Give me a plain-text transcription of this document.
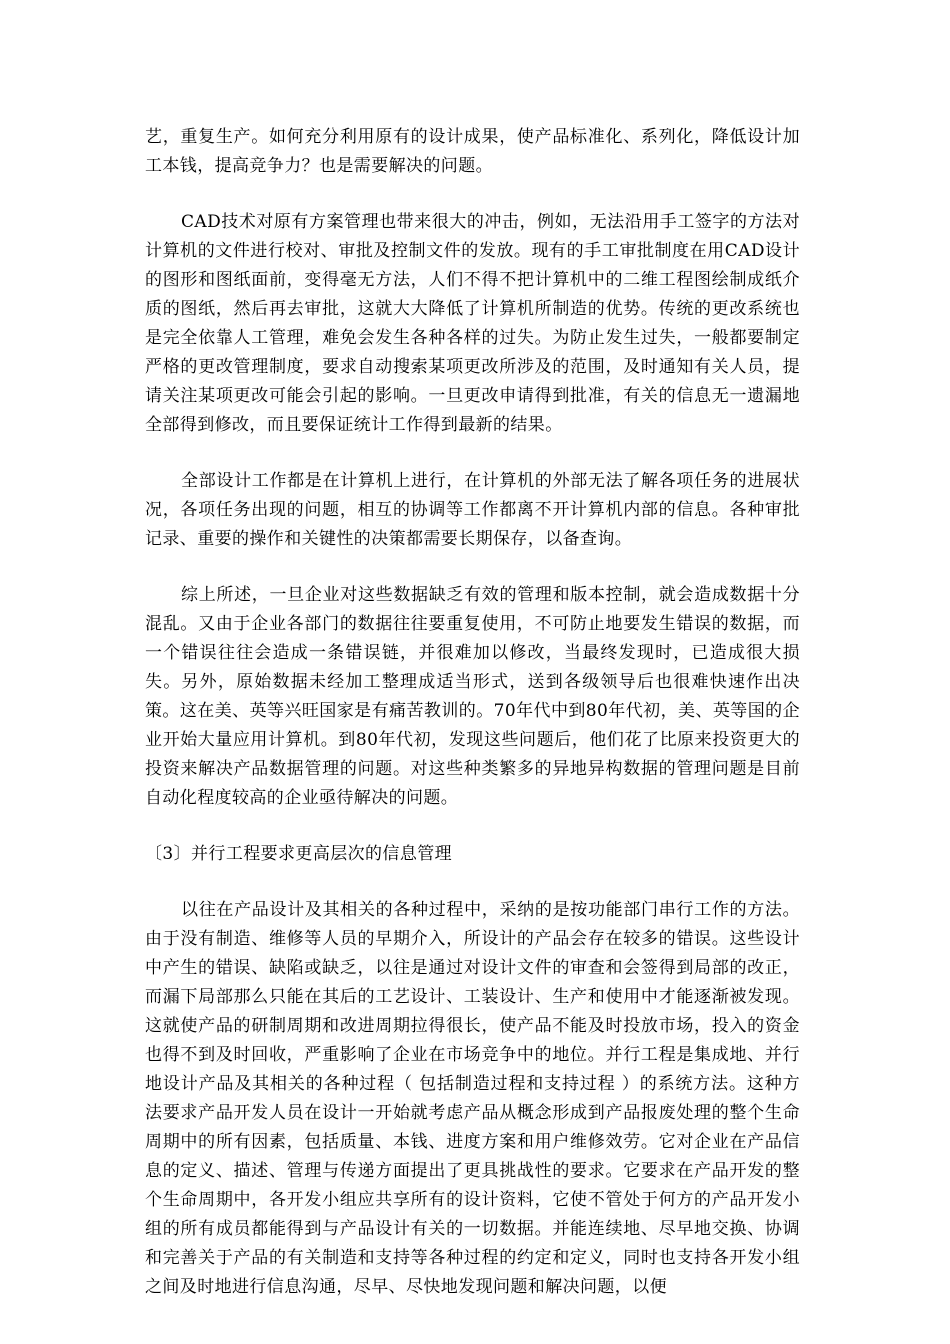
艺，重复生产。如何充分利用原有的设计成果，使产品标准化、系列化，降低设计加工本钱，提高竞争力？也是需要解决的问题。

CAD技术对原有方案管理也带来很大的冲击，例如，无法沿用手工签字的方法对计算机的文件进行校对、审批及控制文件的发放。现有的手工审批制度在用CAD设计的图形和图纸面前，变得毫无方法，人们不得不把计算机中的二维工程图绘制成纸介质的图纸，然后再去审批，这就大大降低了计算机所制造的优势。传统的更改系统也是完全依靠人工管理，难免会发生各种各样的过失。为防止发生过失，一般都要制定严格的更改管理制度，要求自动搜索某项更改所涉及的范围，及时通知有关人员，提请关注某项更改可能会引起的影响。一旦更改申请得到批准，有关的信息无一遗漏地全部得到修改，而且要保证统计工作得到最新的结果。

全部设计工作都是在计算机上进行，在计算机的外部无法了解各项任务的进展状况，各项任务出现的问题，相互的协调等工作都离不开计算机内部的信息。各种审批记录、重要的操作和关键性的决策都需要长期保存，以备查询。

综上所述，一旦企业对这些数据缺乏有效的管理和版本控制，就会造成数据十分混乱。又由于企业各部门的数据往往要重复使用，不可防止地要发生错误的数据，而一个错误往往会造成一条错误链，并很难加以修改，当最终发现时，已造成很大损失。另外，原始数据未经加工整理成适当形式，送到各级领导后也很难快速作出决策。这在美、英等兴旺国家是有痛苦教训的。70年代中到80年代初，美、英等国的企业开始大量应用计算机。到80年代初，发现这些问题后，他们花了比原来投资更大的投资来解决产品数据管理的问题。对这些种类繁多的异地异构数据的管理问题是目前自动化程度较高的企业亟待解决的问题。

〔3〕并行工程要求更高层次的信息管理

以往在产品设计及其相关的各种过程中，采纳的是按功能部门串行工作的方法。由于没有制造、维修等人员的早期介入，所设计的产品会存在较多的错误。这些设计中产生的错误、缺陷或缺乏，以往是通过对设计文件的审查和会签得到局部的改正，而漏下局部那么只能在其后的工艺设计、工装设计、生产和使用中才能逐渐被发现。这就使产品的研制周期和改进周期拉得很长，使产品不能及时投放市场，投入的资金也得不到及时回收，严重影响了企业在市场竞争中的地位。并行工程是集成地、并行地设计产品及其相关的各种过程（ 包括制造过程和支持过程 ）的系统方法。这种方法要求产品开发人员在设计一开始就考虑产品从概念形成到产品报废处理的整个生命周期中的所有因素，包括质量、本钱、进度方案和用户维修效劳。它对企业在产品信息的定义、描述、管理与传递方面提出了更具挑战性的要求。它要求在产品开发的整个生命周期中，各开发小组应共享所有的设计资料，它使不管处于何方的产品开发小组的所有成员都能得到与产品设计有关的一切数据。并能连续地、尽早地交换、协调和完善关于产品的有关制造和支持等各种过程的约定和定义，同时也支持各开发小组之间及时地进行信息沟通，尽早、尽快地发现问题和解决问题，以便
